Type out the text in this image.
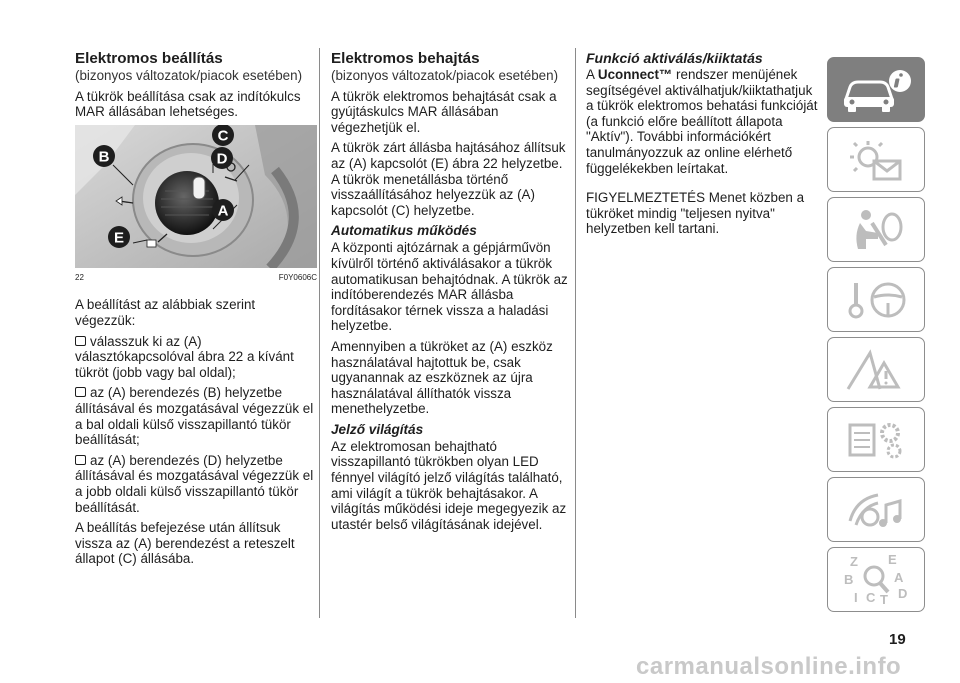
Elektromos beállítás

(bizonyos változatok/piacok esetében)

A tükrök beállítása csak az indítókulcs MAR állásában lehetséges.

B
C
D
A
E
22	F0Y0606C

A beállítást az alábbiak szerint végezzük:

válasszuk ki az (A) választókapcsolóval ábra 22 a kívánt tükröt (jobb vagy bal oldal);

az (A) berendezés (B) helyzetbe állításával és mozgatásával végezzük el a bal oldali külső visszapillantó tükör beállítását;

az (A) berendezés (D) helyzetbe állításával és mozgatásával végezzük el a jobb oldali külső visszapillantó tükör beállítását.

A beállítás befejezése után állítsuk vissza az (A) berendezést a reteszelt állapot (C) állásába.

Elektromos behajtás

(bizonyos változatok/piacok esetében)

A tükrök elektromos behajtását csak a gyújtáskulcs MAR állásában végezhetjük el.

A tükrök zárt állásba hajtásához állítsuk az (A) kapcsolót (E) ábra 22 helyzetbe. A tükrök menetállásba történő visszaállításához helyezzük az (A) kapcsolót (C) helyzetbe.

Automatikus működés

A központi ajtózárnak a gépjárművön kívülről történő aktiválásakor a tükrök automatikusan behajtódnak. A tükrök az indítóberendezés MAR állásba fordításakor térnek vissza a haladási helyzetbe.

Amennyiben a tükröket az (A) eszköz használatával hajtottuk be, csak ugyanannak az eszköznek az újra használatával állíthatók vissza menethelyzetbe.

Jelző világítás

Az elektromosan behajtható visszapillantó tükrökben olyan LED fénnyel világító jelző világítás található, ami világít a tükrök behajtásakor. A világítás működési ideje megegyezik az utastér belső világításának idejével.

Funkció aktiválás/kiiktatás

A Uconnect™ rendszer menüjének segítségével aktiválhatjuk/kiiktathatjuk a tükrök elektromos behatási funkcióját (a funkció előre beállított állapota "Aktív"). További információkért tanulmányozzuk az online elérhető függelékekben leírtakat.

FIGYELMEZTETÉS Menet közben a tükröket mindig "teljesen nyitva" helyzetben kell tartani.

Z E
B	A
I C T D
19
carmanualsonline.info
